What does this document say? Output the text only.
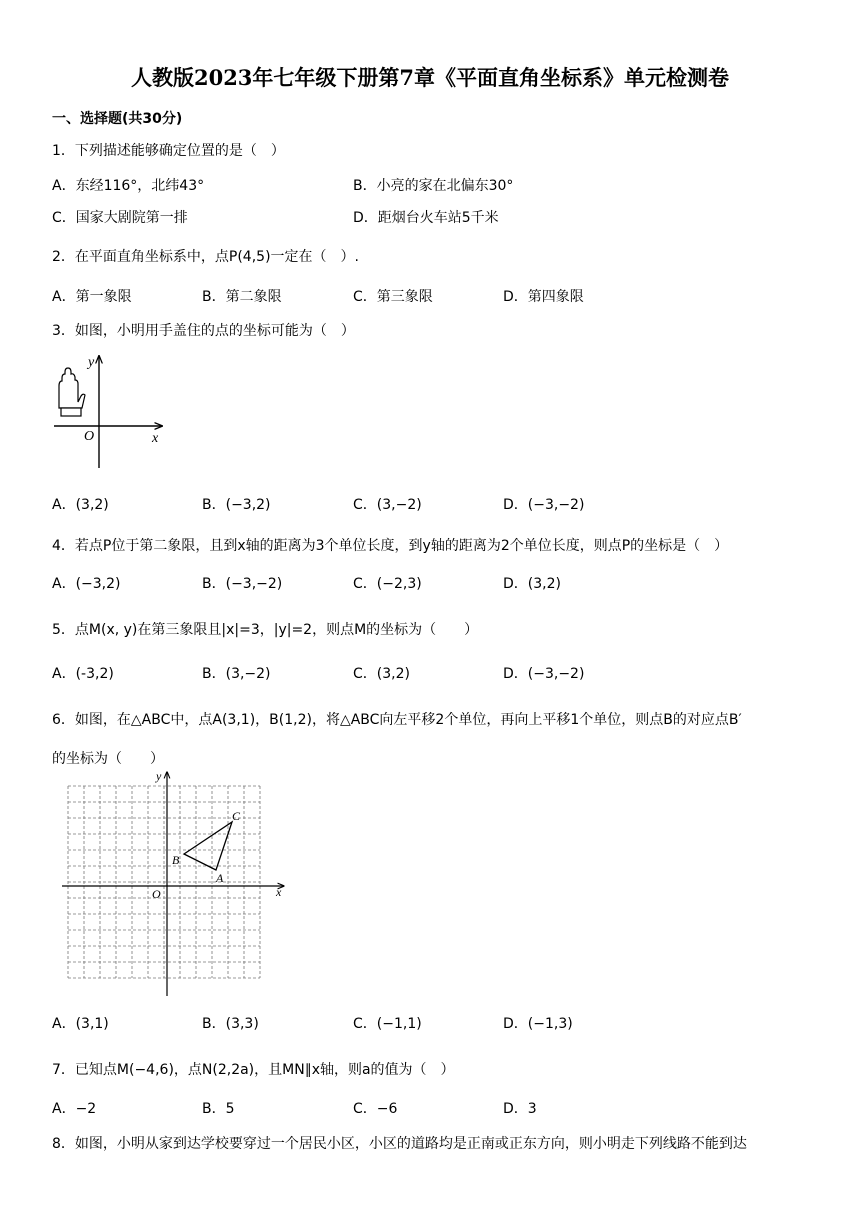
人教版2023年七年级下册第7章《平面直角坐标系》单元检测卷
一、选择题(共30分)
1．下列描述能够确定位置的是（　）
A．东经116°，北纬43°	B．小亮的家在北偏东30°
C．国家大剧院第一排	D．距烟台火车站5千米
2．在平面直角坐标系中，点P(4,5)一定在（　）.
A．第一象限	B．第二象限	C．第三象限	D．第四象限
3．如图，小明用手盖住的点的坐标可能为（　）
y
x
O
A．(3,2)	B．(−3,2)	C．(3,−2)	D．(−3,−2)
4．若点P位于第二象限，且到x轴的距离为3个单位长度，到y轴的距离为2个单位长度，则点P的坐标是（　）
A．(−3,2)	B．(−3,−2)	C．(−2,3)	D．(3,2)
5．点M(x, y)在第三象限且|x|=3，|y|=2，则点M的坐标为（　　）
A．(-3,2)	B．(3,−2)	C．(3,2)	D．(−3,−2)
6．如图，在△ABC中，点A(3,1)，B(1,2)，将△ABC向左平移2个单位，再向上平移1个单位，则点B的对应点B′
的坐标为（　　）
y
x
O
A
B
C
A．(3,1)	B．(3,3)	C．(−1,1)	D．(−1,3)
7．已知点M(−4,6)，点N(2,2a)，且MN∥x轴，则a的值为（　）
A．−2	B．5	C．−6	D．3
8．如图，小明从家到达学校要穿过一个居民小区，小区的道路均是正南或正东方向，则小明走下列线路不能到达
